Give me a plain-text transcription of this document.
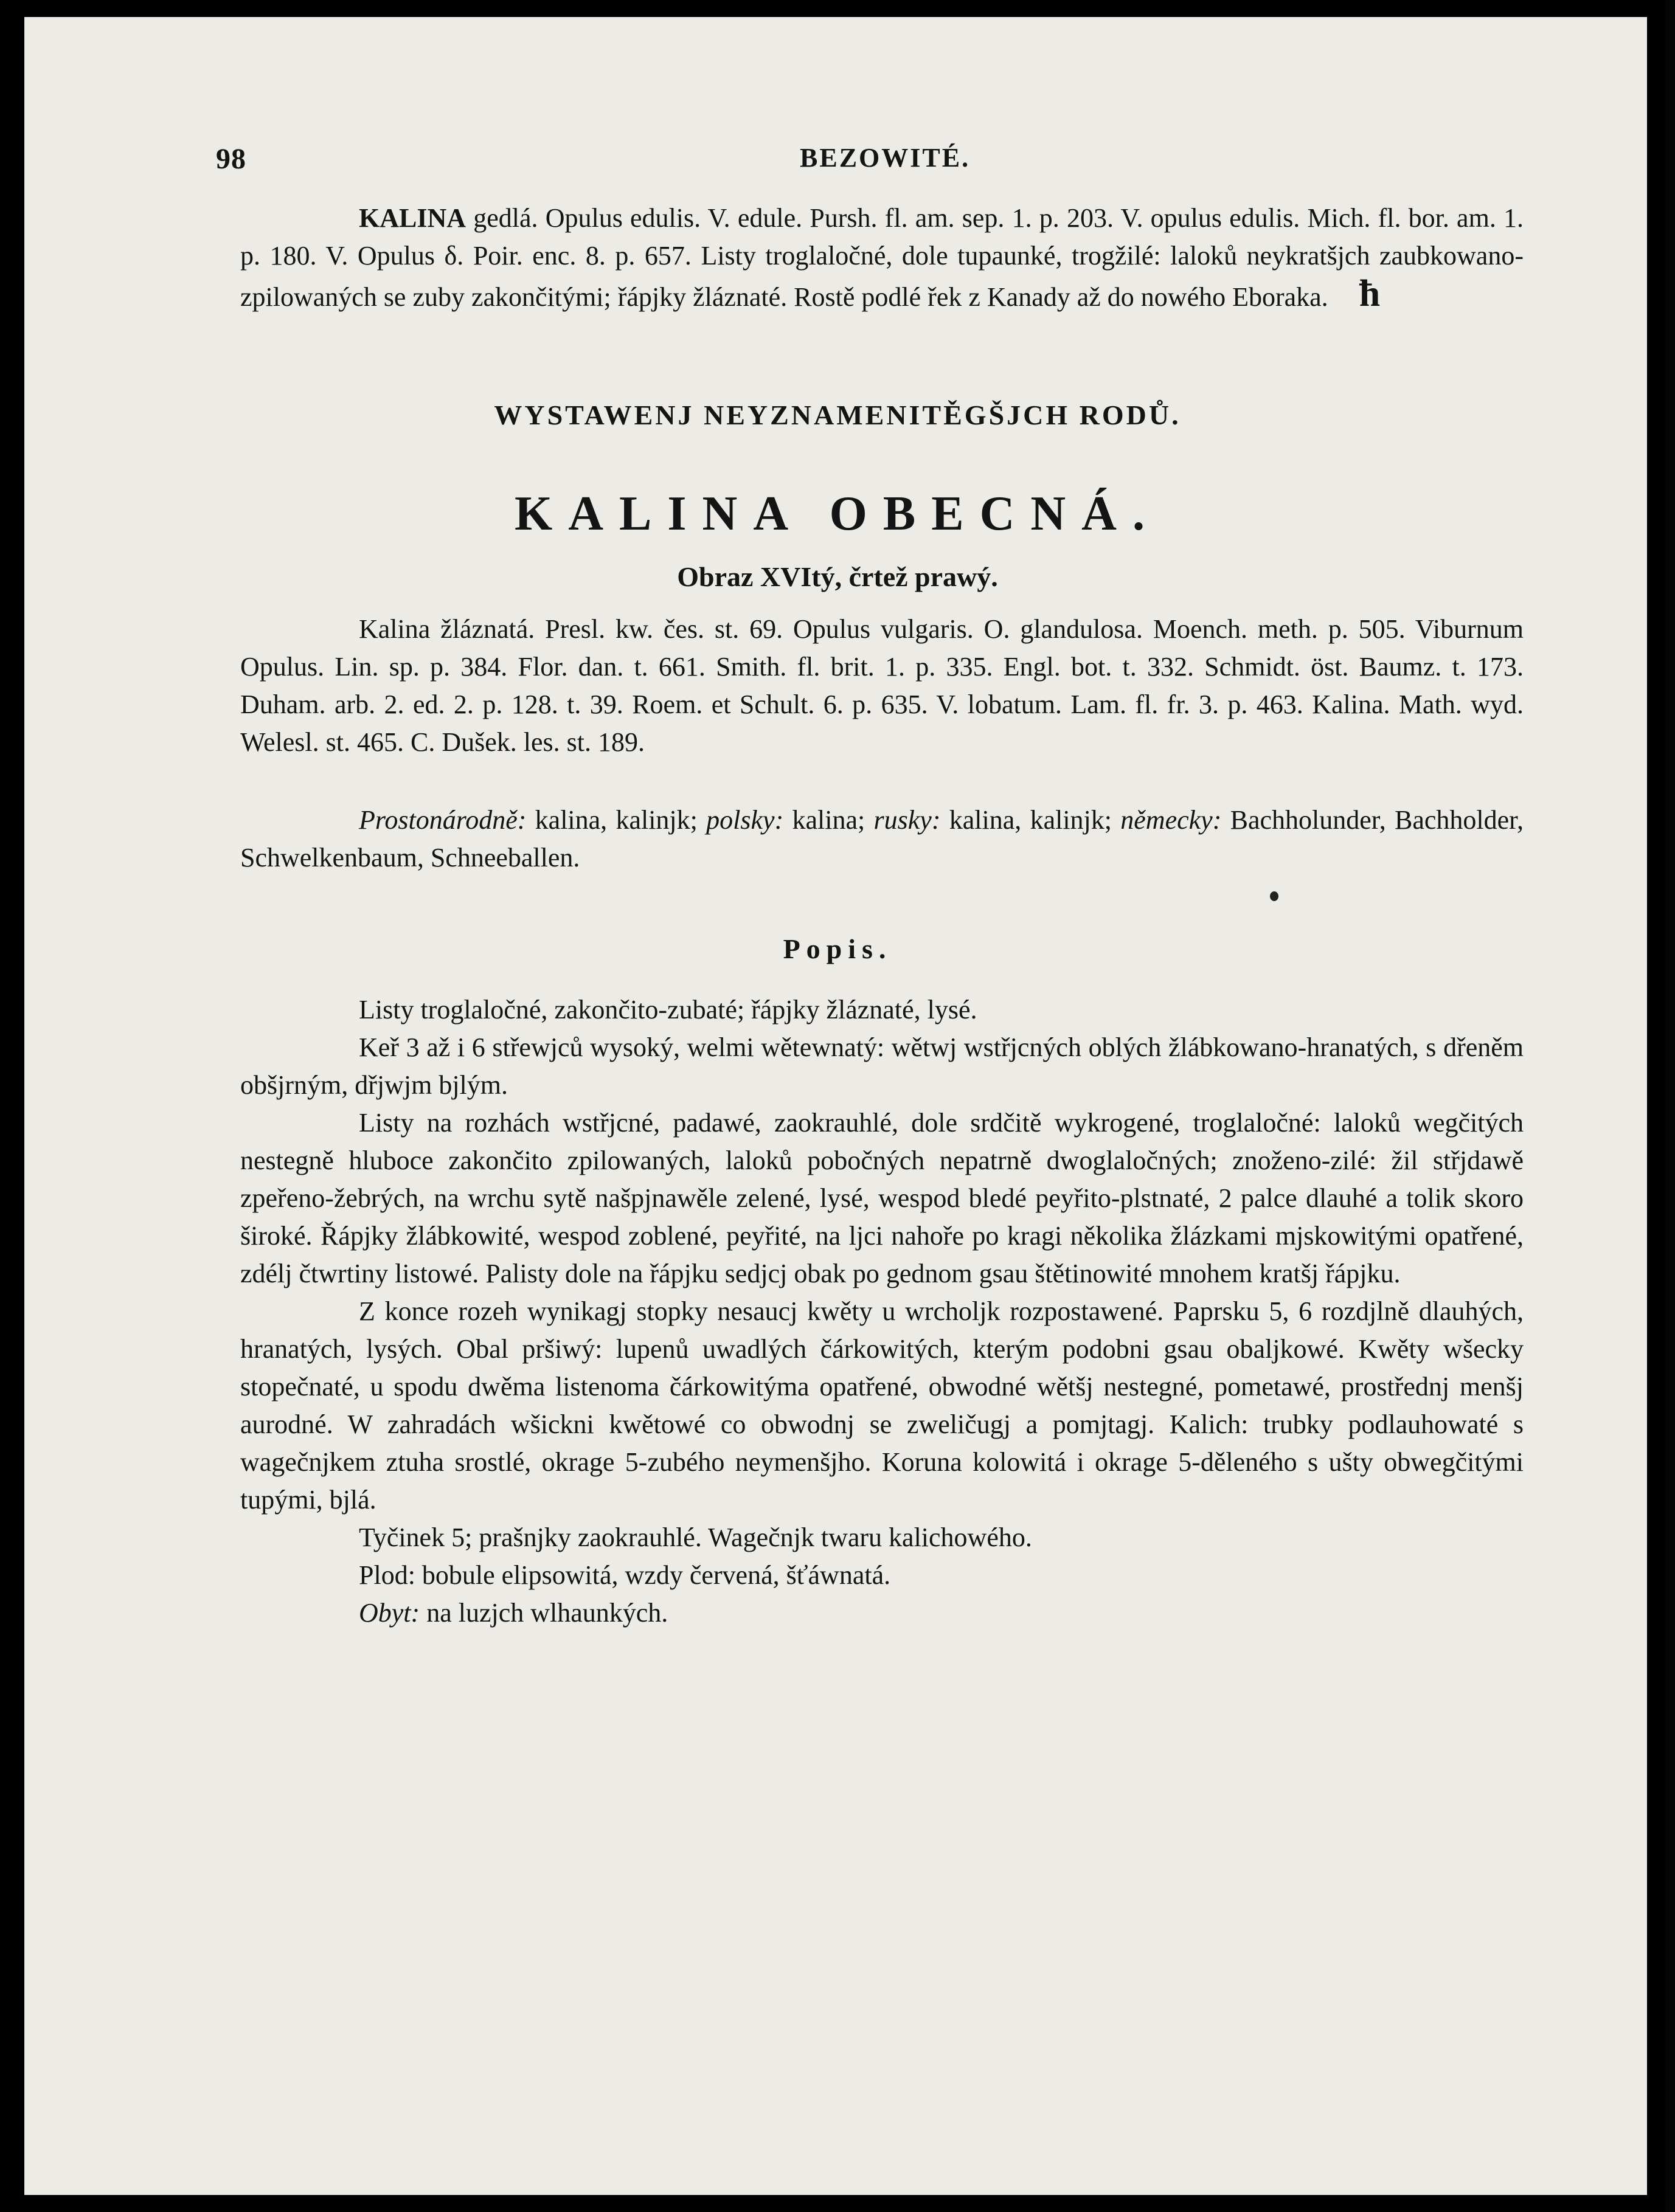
98	BEZOWITÉ.

KALINA gedlá. Opulus edulis. V. edule. Pursh. fl. am. sep. 1. p. 203. V. opulus edulis. Mich. fl. bor. am. 1. p. 180. V. Opulus δ. Poir. enc. 8. p. 657. Listy troglaločné, dole tupaunké, trogžilé: laloků neykratšjch zaubkowano-zpilowaných se zuby zakončitými; řápjky žláznaté. Rostě podlé řek z Kanady až do nowého Eboraka. ħ

WYSTAWENJ NEYZNAMENITĚGŠJCH RODŮ.
KALINA OBECNÁ.
Obraz XVItý, črtež prawý.

Kalina žláznatá. Presl. kw. čes. st. 69. Opulus vulgaris. O. glandulosa. Moench. meth. p. 505. Viburnum Opulus. Lin. sp. p. 384. Flor. dan. t. 661. Smith. fl. brit. 1. p. 335. Engl. bot. t. 332. Schmidt. öst. Baumz. t. 173. Duham. arb. 2. ed. 2. p. 128. t. 39. Roem. et Schult. 6. p. 635. V. lobatum. Lam. fl. fr. 3. p. 463. Kalina. Math. wyd. Welesl. st. 465. C. Dušek. les. st. 189.

Prostonárodně: kalina, kalinjk; polsky: kalina; rusky: kalina, kalinjk; německy: Bachholunder, Bachholder, Schwelkenbaum, Schneeballen.

Popis.

Listy troglaločné, zakončito-zubaté; řápjky žláznaté, lysé.

Keř 3 až i 6 střewjců wysoký, welmi wětewnatý: wětwj wstřjcných oblých žlábkowano-hranatých, s dřeněm obšjrným, dřjwjm bjlým.

Listy na rozhách wstřjcné, padawé, zaokrauhlé, dole srdčitě wykrogené, troglaločné: laloků wegčitých nestegně hluboce zakončito zpilowaných, laloků pobočných nepatrně dwoglaločných; znoženo-zilé: žil střjdawě zpeřeno-žebrých, na wrchu sytě našpjnawěle zelené, lysé, wespod bledé peyřito-plstnaté, 2 palce dlauhé a tolik skoro široké. Řápjky žlábkowité, wespod zoblené, peyřité, na ljci nahoře po kragi několika žlázkami mjskowitými opatřené, zdélj čtwrtiny listowé. Palisty dole na řápjku sedjcj obak po gednom gsau štětinowité mnohem kratšj řápjku.

Z konce rozeh wynikagj stopky nesaucj kwěty u wrcholjk rozpostawené. Paprsku 5, 6 rozdjlně dlauhých, hranatých, lysých. Obal pršiwý: lupenů uwadlých čárkowitých, kterým podobni gsau obaljkowé. Kwěty wšecky stopečnaté, u spodu dwěma listenoma čárkowitýma opatřené, obwodné wětšj nestegné, pometawé, prostřednj menšj aurodné. W zahradách wšickni kwětowé co obwodnj se zweličugj a pomjtagj. Kalich: trubky podlauhowaté s wagečnjkem ztuha srostlé, okrage 5-zubého neymenšjho. Koruna kolowitá i okrage 5-děleného s ušty obwegčitými tupými, bjlá.

Tyčinek 5; prašnjky zaokrauhlé. Wagečnjk twaru kalichowého.

Plod: bobule elipsowitá, wzdy červená, šťáwnatá.

Obyt: na luzjch wlhaunkých.
